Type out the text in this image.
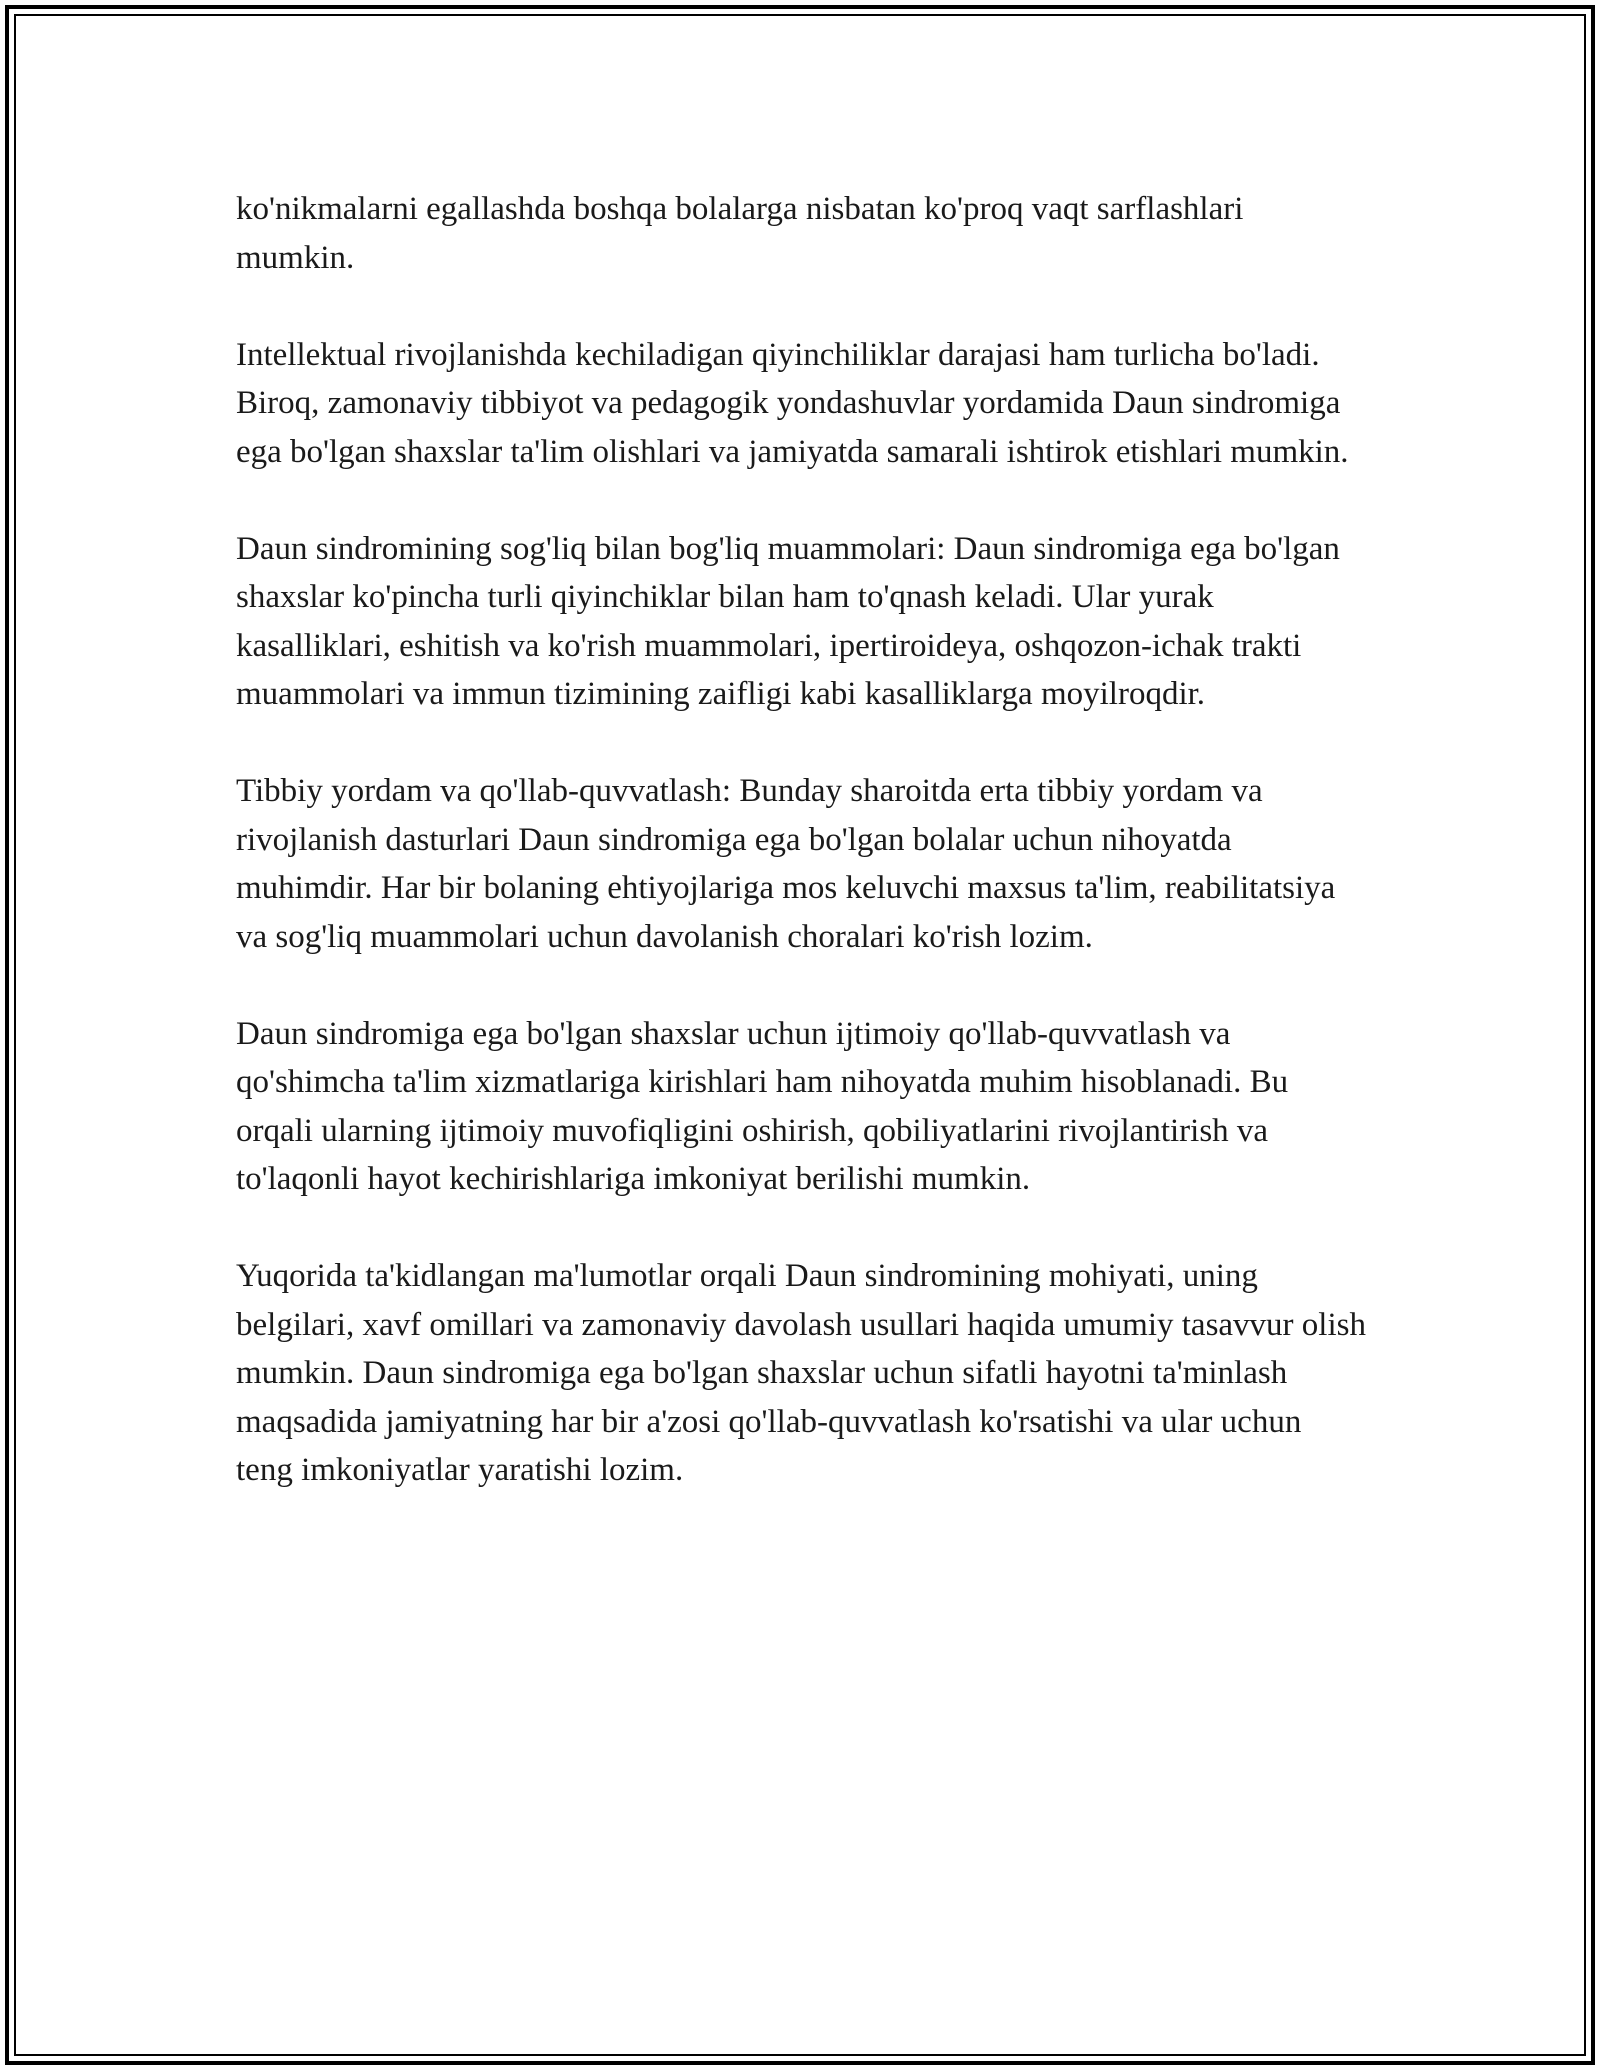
ko'nikmalarni egallashda boshqa bolalarga nisbatan ko'proq vaqt sarflashlari mumkin.

Intellektual rivojlanishda kechiladigan qiyinchiliklar darajasi ham turlicha bo'ladi. Biroq, zamonaviy tibbiyot va pedagogik yondashuvlar yordamida Daun sindromiga ega bo'lgan shaxslar ta'lim olishlari va jamiyatda samarali ishtirok etishlari mumkin.

Daun sindromining sog'liq bilan bog'liq muammolari: Daun sindromiga ega bo'lgan shaxslar ko'pincha turli qiyinchiklar bilan ham to'qnash keladi. Ular yurak kasalliklari, eshitish va ko'rish muammolari, ipertiroideya, oshqozon-ichak trakti muammolari va immun tizimining zaifligi kabi kasalliklarga moyilroqdir.

Tibbiy yordam va qo'llab-quvvatlash: Bunday sharoitda erta tibbiy yordam va rivojlanish dasturlari Daun sindromiga ega bo'lgan bolalar uchun nihoyatda muhimdir. Har bir bolaning ehtiyojlariga mos keluvchi maxsus ta'lim, reabilitatsiya va sog'liq muammolari uchun davolanish choralari ko'rish lozim.

Daun sindromiga ega bo'lgan shaxslar uchun ijtimoiy qo'llab-quvvatlash va qo'shimcha ta'lim xizmatlariga kirishlari ham nihoyatda muhim hisoblanadi. Bu orqali ularning ijtimoiy muvofiqligini oshirish, qobiliyatlarini rivojlantirish va to'laqonli hayot kechirishlariga imkoniyat berilishi mumkin.

Yuqorida ta'kidlangan ma'lumotlar orqali Daun sindromining mohiyati, uning belgilari, xavf omillari va zamonaviy davolash usullari haqida umumiy tasavvur olish mumkin. Daun sindromiga ega bo'lgan shaxslar uchun sifatli hayotni ta'minlash maqsadida jamiyatning har bir a'zosi qo'llab-quvvatlash ko'rsatishi va ular uchun teng imkoniyatlar yaratishi lozim.
